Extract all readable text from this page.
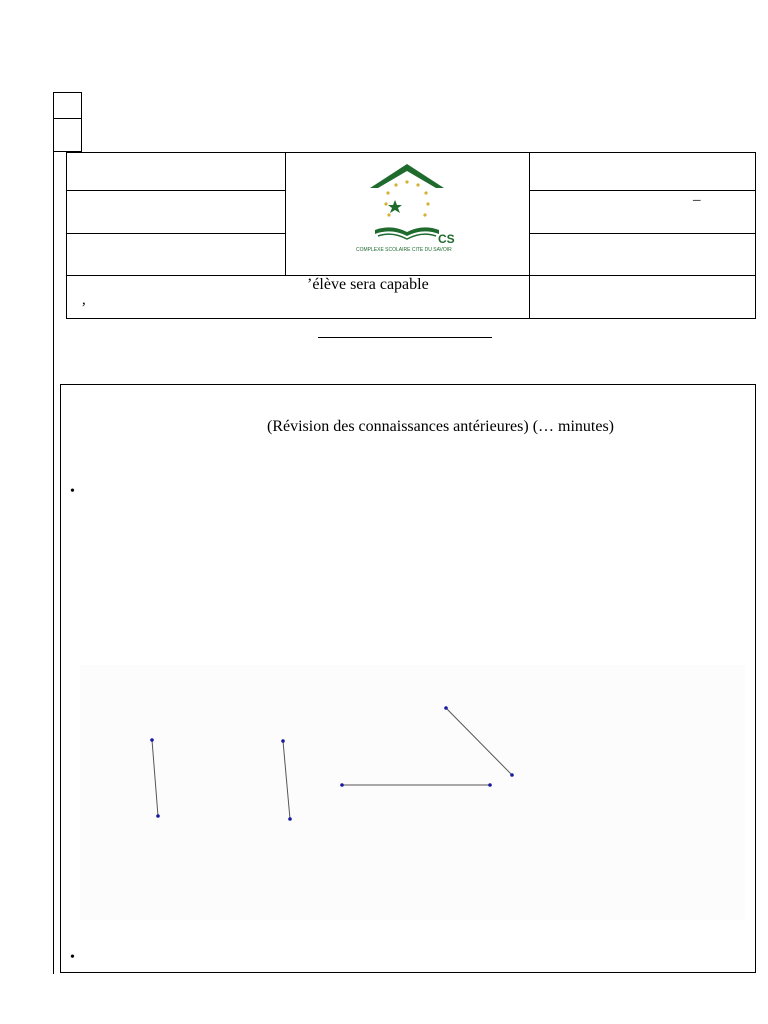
–
’élève sera capable
,
CS
COMPLEXE SCOLAIRE CITE DU SAVOIR
(Révision des connaissances antérieures) (… minutes)
•
•
